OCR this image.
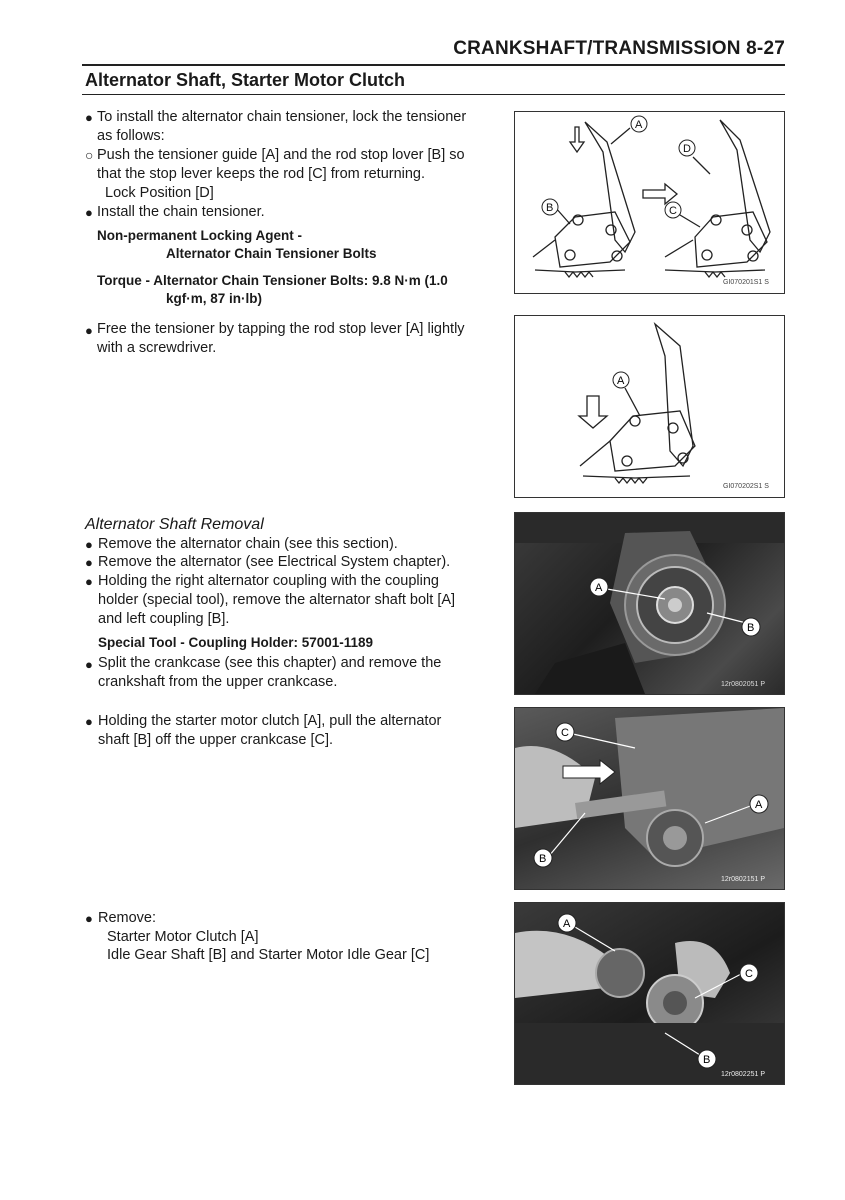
CRANKSHAFT/TRANSMISSION 8-27
Alternator Shaft, Starter Motor Clutch
● To install the alternator chain tensioner, lock the tensioner
as follows:
○ Push the tensioner guide [A] and the rod stop lover [B] so
that the stop lever keeps the rod [C] from returning.
Lock Position [D]
● Install the chain tensioner.
Non-permanent Locking Agent -
Alternator Chain Tensioner Bolts
Torque - Alternator Chain Tensioner Bolts: 9.8 N·m (1.0
kgf·m, 87 in·lb)
● Free the tensioner by tapping the rod stop lever [A] lightly
with a screwdriver.
A
B	C
D
GI070201S1 S
A
GI070202S1 S
Alternator Shaft Removal
● Remove the alternator chain (see this section).
● Remove the alternator (see Electrical System chapter).
● Holding the right alternator coupling with the coupling
holder (special tool), remove the alternator shaft bolt [A]
and left coupling [B].
Special Tool - Coupling Holder: 57001-1189
● Split the crankcase (see this chapter) and remove the
crankshaft from the upper crankcase.
● Holding the starter motor clutch [A], pull the alternator
shaft [B] off the upper crankcase [C].
● Remove:
Starter Motor Clutch [A]
Idle Gear Shaft [B] and Starter Motor Idle Gear [C]
A
B
12r0802051 P
C
A
B
12r0802151 P
A
C
B
12r0802251 P
